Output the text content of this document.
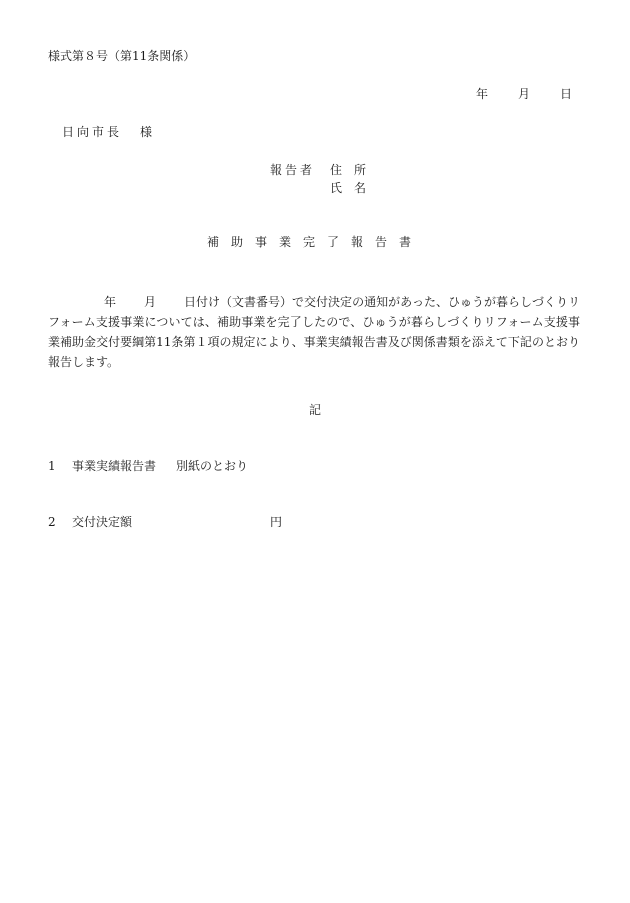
様式第８号（第11条関係）
年	月	日
日向市長 様
報告者 住　所
氏　名
補助事業完了報告書
年 月 日付け（文書番号）で交付決定の通知があった、ひゅうが暮らしづくりリフォーム支援事業については、補助事業を完了したので、ひゅうが暮らしづくりリフォーム支援事業補助金交付要綱第11条第１項の規定により、事業実績報告書及び関係書類を添えて下記のとおり報告します。
記
1 事業実績報告書 別紙のとおり
2 交付決定額	円
